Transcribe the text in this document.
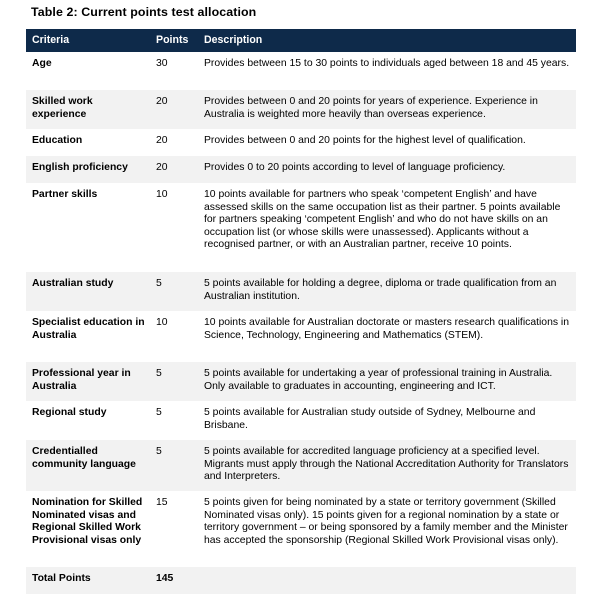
Table 2: Current points test allocation
Criteria	Points	Description
Age	30	Provides between 15 to 30 points to individuals aged between 18 and 45 years.
Skilled work experience	20	Provides between 0 and 20 points for years of experience. Experience in Australia is weighted more heavily than overseas experience.
Education	20	Provides between 0 and 20 points for the highest level of qualification.
English proficiency	20	Provides 0 to 20 points according to level of language proficiency.
Partner skills	10	10 points available for partners who speak ‘competent English’ and have assessed skills on the same occupation list as their partner. 5 points available for partners speaking ‘competent English’ and who do not have skills on an occupation list (or whose skills were unassessed). Applicants without a recognised partner, or with an Australian partner, receive 10 points.
Australian study	5	5 points available for holding a degree, diploma or trade qualification from an Australian institution.
Specialist education in Australia	10	10 points available for Australian doctorate or masters research qualifications in Science, Technology, Engineering and Mathematics (STEM).
Professional year in Australia	5	5 points available for undertaking a year of professional training in Australia. Only available to graduates in accounting, engineering and ICT.
Regional study	5	5 points available for Australian study outside of Sydney, Melbourne and Brisbane.
Credentialled community language	5	5 points available for accredited language proficiency at a specified level. Migrants must apply through the National Accreditation Authority for Translators and Interpreters.
Nomination for Skilled Nominated visas and Regional Skilled Work Provisional visas only	15	5 points given for being nominated by a state or territory government (Skilled Nominated visas only). 15 points given for a regional nomination by a state or territory government – or being sponsored by a family member and the Minister has accepted the sponsorship (Regional Skilled Work Provisional visas only).
Total Points	145	
